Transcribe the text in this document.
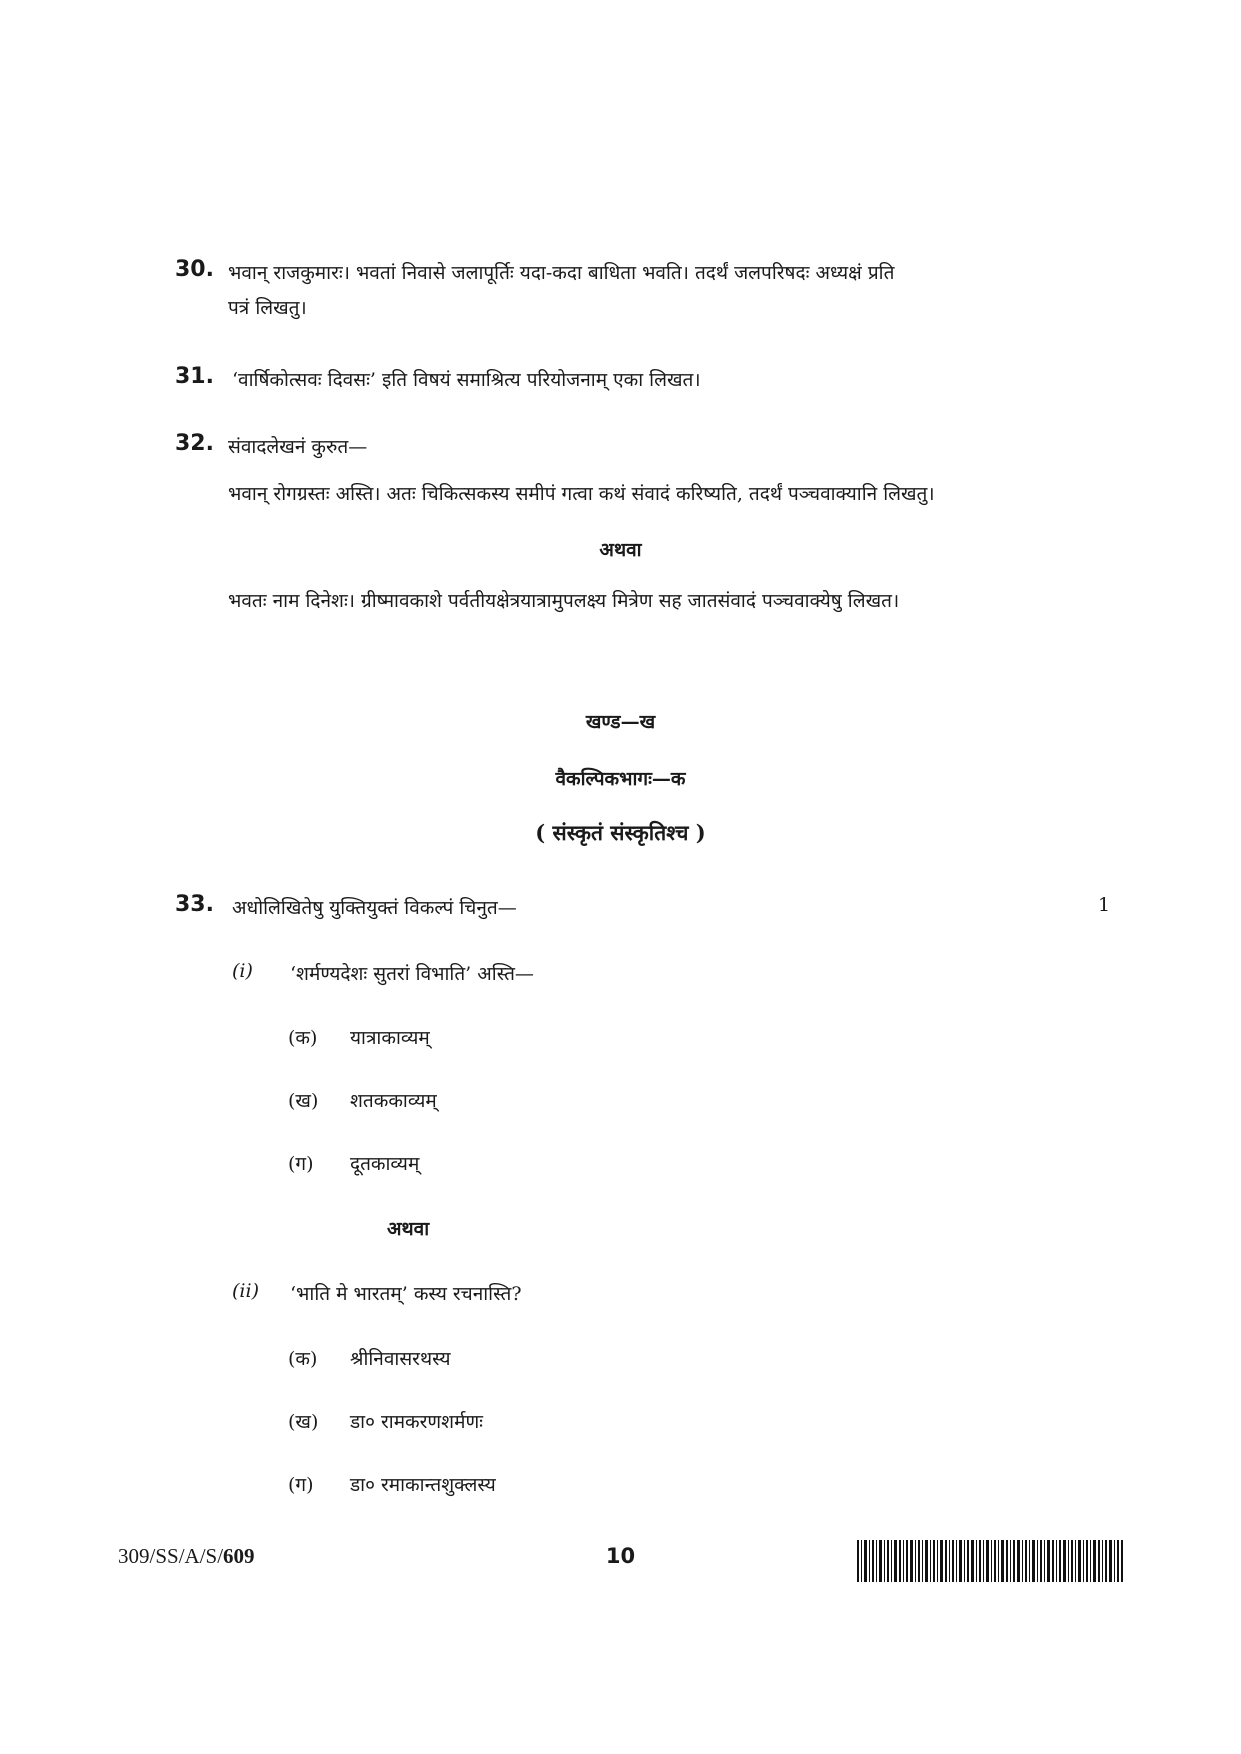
30. भवान् राजकुमारः। भवतां निवासे जलापूर्तिः यदा-कदा बाधिता भवति। तदर्थं जलपरिषदः अध्यक्षं प्रति
पत्रं लिखतु।
31. ‘वार्षिकोत्सवः दिवसः’ इति विषयं समाश्रित्य परियोजनाम् एका लिखत।
32. संवादलेखनं कुरुत—
भवान् रोगग्रस्तः अस्ति। अतः चिकित्सकस्य समीपं गत्वा कथं संवादं करिष्यति, तदर्थं पञ्चवाक्यानि लिखतु।
अथवा
भवतः नाम दिनेशः। ग्रीष्मावकाशे पर्वतीयक्षेत्रयात्रामुपलक्ष्य मित्रेण सह जातसंवादं पञ्चवाक्येषु लिखत।
खण्ड—ख
वैकल्पिकभागः—क
( संस्कृतं संस्कृतिश्च )
33. अधोलिखितेषु युक्तियुक्तं विकल्पं चिनुत—	1
(i) ‘शर्मण्यदेशः सुतरां विभाति’ अस्ति—
(क) यात्राकाव्यम्
(ख) शतककाव्यम्
(ग) दूतकाव्यम्
अथवा
(ii) ‘भाति मे भारतम्’ कस्य रचनास्ति?
(क) श्रीनिवासरथस्य
(ख) डा० रामकरणशर्मणः
(ग) डा० रमाकान्तशुक्लस्य
309/SS/A/S/609	10
